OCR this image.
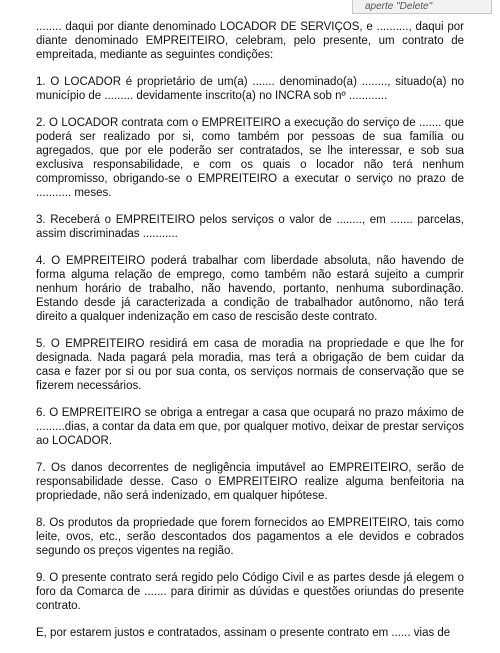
aperte "Delete"

........ daqui por diante denominado LOCADOR DE SERVIÇOS, e .........., daqui por diante denominado EMPREITEIRO, celebram, pelo presente, um contrato de empreitada, mediante as seguintes condições:

1. O LOCADOR é proprietário de um(a) ....... denominado(a) ........, situado(a) no município de ......... devidamente inscrito(a) no INCRA sob nº ............

2. O LOCADOR contrata com o EMPREITEIRO a execução do serviço de ....... que poderá ser realizado por si, como também por pessoas de sua família ou agregados, que por ele poderão ser contratados, se lhe interessar, e sob sua exclusiva responsabilidade, e com os quais o locador não terá nenhum compromisso, obrigando-se o EMPREITEIRO a executar o serviço no prazo de ........... meses.

3. Receberá o EMPREITEIRO pelos serviços o valor de ........, em ....... parcelas, assim discriminadas ...........

4. O EMPREITEIRO poderá trabalhar com liberdade absoluta, não havendo de forma alguma relação de emprego, como também não estará sujeito a cumprir nenhum horário de trabalho, não havendo, portanto, nenhuma subordinação. Estando desde já caracterizada a condição de trabalhador autônomo, não terá direito a qualquer indenização em caso de rescisão deste contrato.

5. O EMPREITEIRO residirá em casa de moradia na propriedade e que lhe for designada. Nada pagará pela moradia, mas terá a obrigação de bem cuidar da casa e fazer por si ou por sua conta, os serviços normais de conservação que se fizerem necessários.

6. O EMPREITEIRO se obriga a entregar a casa que ocupará no prazo máximo de .........dias, a contar da data em que, por qualquer motivo, deixar de prestar serviços ao LOCADOR.

7. Os danos decorrentes de negligência imputável ao EMPREITEIRO, serão de responsabilidade desse. Caso o EMPREITEIRO realize alguma benfeitoria na propriedade, não será indenizado, em qualquer hipótese.

8. Os produtos da propriedade que forem fornecidos ao EMPREITEIRO, tais como leite, ovos, etc., serão descontados dos pagamentos a ele devidos e cobrados segundo os preços vigentes na região.

9. O presente contrato será regido pelo Código Civil e as partes desde já elegem o foro da Comarca de ....... para dirimir as dúvidas e questões oriundas do presente contrato.

E, por estarem justos e contratados, assinam o presente contrato em ...... vias de
